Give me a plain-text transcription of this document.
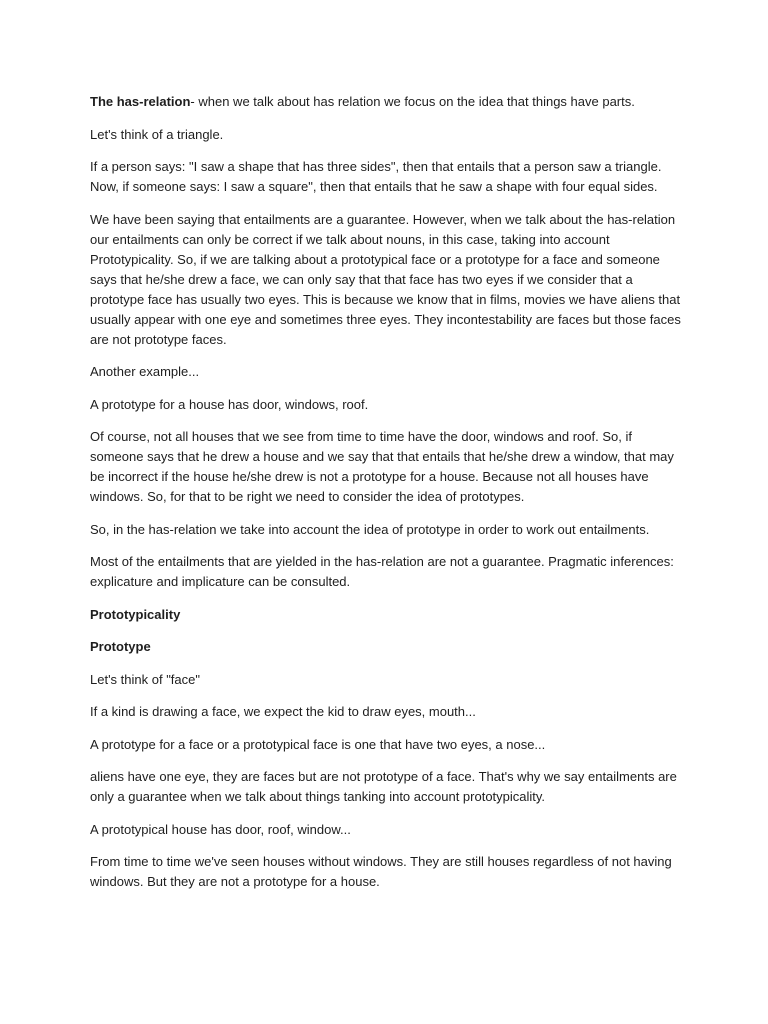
The has-relation- when we talk about has relation we focus on the idea that things have parts.

Let's think of a triangle.

If a person says: "I saw a shape that has three sides", then that entails that a person saw a triangle. Now, if someone says: I saw a square", then that entails that he saw a shape with four equal sides.

We have been saying that entailments are a guarantee. However, when we talk about the has-relation our entailments can only be correct if we talk about nouns, in this case, taking into account Prototypicality. So, if we are talking about a prototypical face or a prototype for a face and someone says that he/she drew a face, we can only say that that face has two eyes if we consider that a prototype face has usually two eyes. This is because we know that in films, movies we have aliens that usually appear with one eye and sometimes three eyes. They incontestability are faces but those faces are not prototype faces.

Another example...

A prototype for a house has door, windows, roof.

Of course, not all houses that we see from time to time have the door, windows and roof. So, if someone says that he drew a house and we say that that entails that he/she drew a window, that may be incorrect if the house he/she drew is not a prototype for a house. Because not all houses have windows. So, for that to be right we need to consider the idea of prototypes.

So, in the has-relation we take into account the idea of prototype in order to work out entailments.

Most of the entailments that are yielded in the has-relation are not a guarantee. Pragmatic inferences: explicature and implicature can be consulted.

Prototypicality

Prototype

Let's think of "face"

If a kind is drawing a face, we expect the kid to draw eyes, mouth...

A prototype for a face or a prototypical face is one that have two eyes, a nose...

aliens have one eye, they are faces but are not prototype of a face. That's why we say entailments are only a guarantee when we talk about things tanking into account prototypicality.

A prototypical house has door, roof, window...

From time to time we've seen houses without windows. They are still houses regardless of not having windows. But they are not a prototype for a house.
